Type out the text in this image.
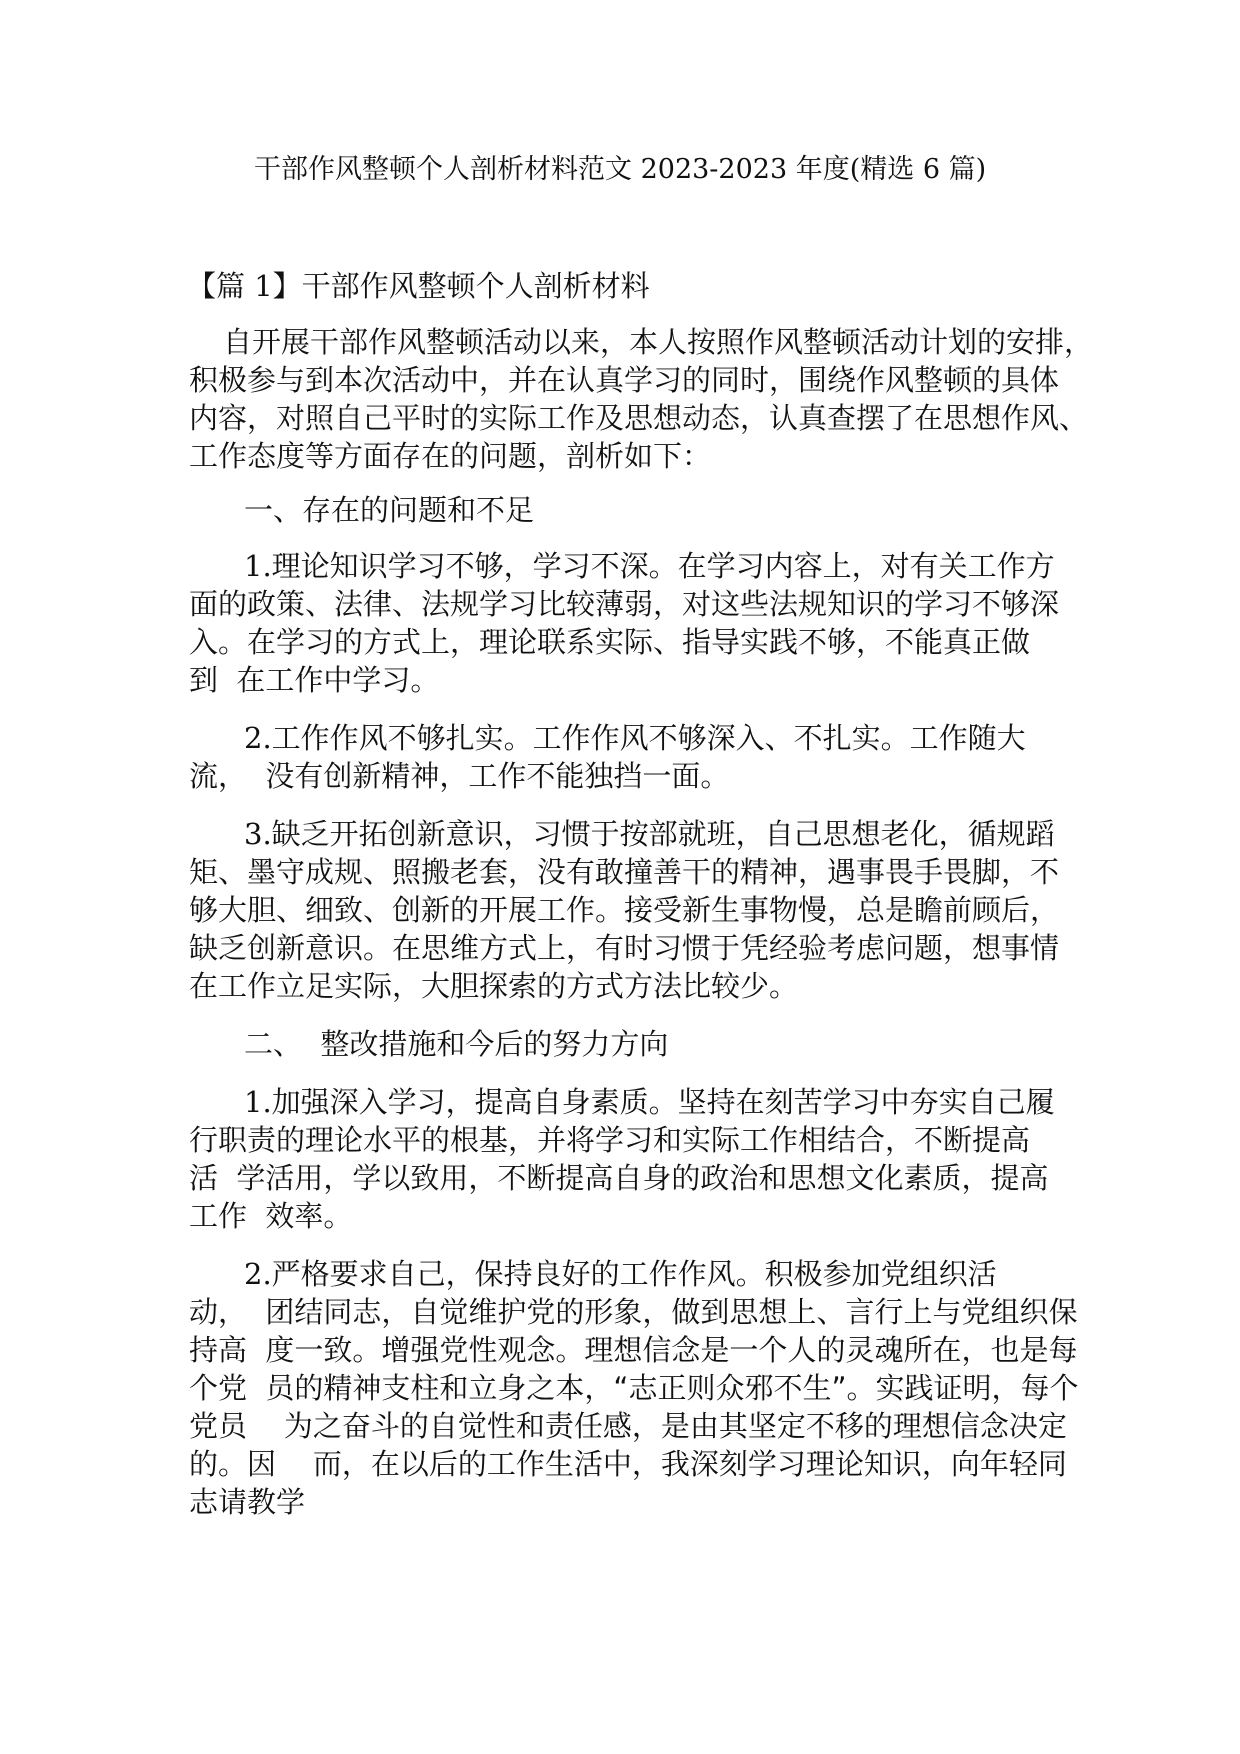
干部作风整顿个人剖析材料范文 2023-2023 年度(精选 6 篇)
【篇 1】干部作风整顿个人剖析材料
自开展干部作风整顿活动以来，本人按照作风整顿活动计划的安排，
积极参与到本次活动中，并在认真学习的同时，围绕作风整顿的具体
内容，对照自己平时的实际工作及思想动态，认真查摆了在思想作风、
工作态度等方面存在的问题，剖析如下：
一、存在的问题和不足
1.理论知识学习不够，学习不深。在学习内容上，对有关工作方
面的政策、法律、法规学习比较薄弱，对这些法规知识的学习不够深
入。在学习的方式上，理论联系实际、指导实践不够，不能真正做
到  在工作中学习。
2.工作作风不够扎实。工作作风不够深入、不扎实。工作随大
流，  没有创新精神，工作不能独挡一面。
3.缺乏开拓创新意识，习惯于按部就班，自己思想老化，循规蹈
矩、墨守成规、照搬老套，没有敢撞善干的精神，遇事畏手畏脚，不
够大胆、细致、创新的开展工作。接受新生事物慢，总是瞻前顾后，
缺乏创新意识。在思维方式上，有时习惯于凭经验考虑问题，想事情
在工作立足实际，大胆探索的方式方法比较少。
二、  整改措施和今后的努力方向
1.加强深入学习，提高自身素质。坚持在刻苦学习中夯实自己履
行职责的理论水平的根基，并将学习和实际工作相结合，不断提高
活  学活用，学以致用，不断提高自身的政治和思想文化素质，提高
工作  效率。
2.严格要求自己，保持良好的工作作风。积极参加党组织活
动，  团结同志，自觉维护党的形象，做到思想上、言行上与党组织保
持高  度一致。增强党性观念。理想信念是一个人的灵魂所在，也是每
个党  员的精神支柱和立身之本，“志正则众邪不生”。实践证明，每个
党员    为之奋斗的自觉性和责任感，是由其坚定不移的理想信念决定
的。因    而，在以后的工作生活中，我深刻学习理论知识，向年轻同
志请教学
